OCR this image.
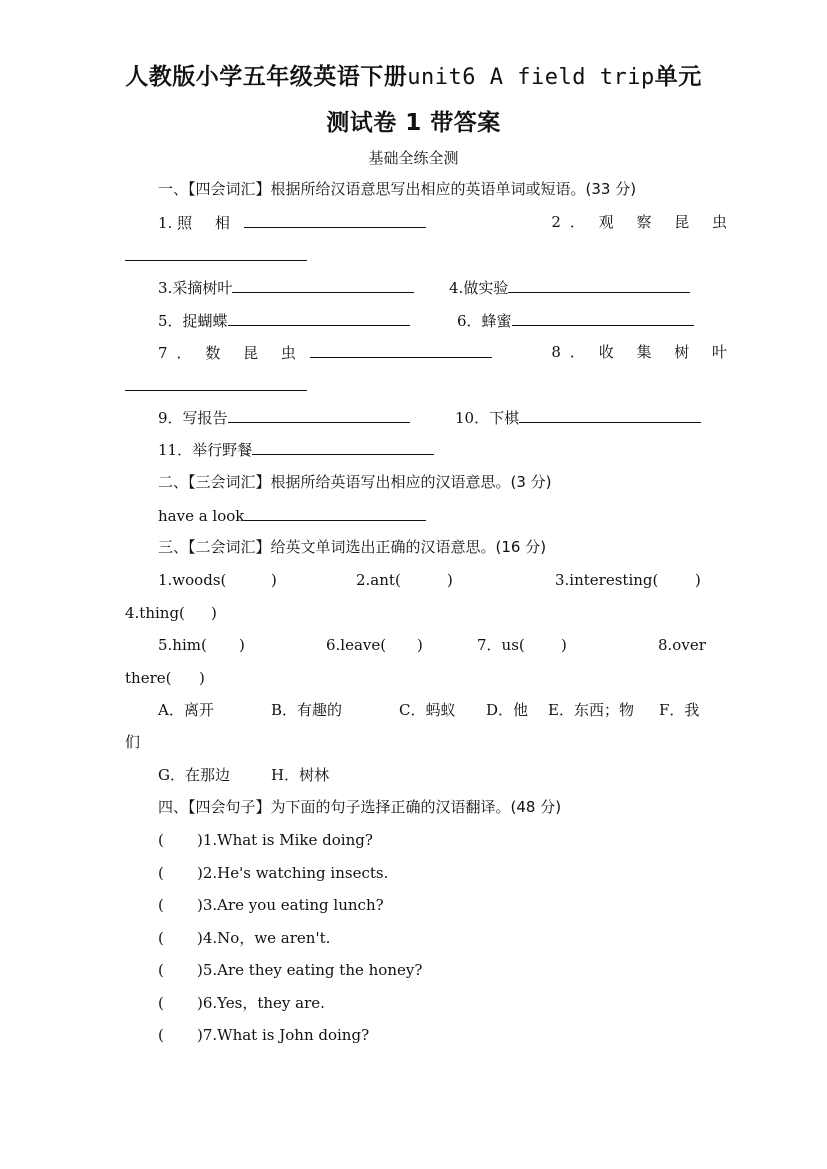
人教版小学五年级英语下册unit6 A field trip单元
测试卷 1 带答案
基础全练全测
一、【四会词汇】根据所给汉语意思写出相应的英语单词或短语。(33 分)
1. 照 相	2． 观 察 昆 虫
3.采摘树叶	4.做实验
5．捉蝴蝶	6．蜂蜜
7． 数 昆 虫	8． 收 集 树 叶
9．写报告	10．下棋
11．举行野餐
二、【三会词汇】根据所给英语写出相应的汉语意思。(3 分)
have a look
三、【二会词汇】给英文单词选出正确的汉语意思。(16 分)
1.woods(	)	2.ant(	)	3.interesting( )
4.thing( )
5.him( )	6.leave( )	7．us( )	8.over
there( )
A．离开	B．有趣的	C．蚂蚁 D．他 E．东西；物 F．我
们
G．在那边	H．树林
四、【四会句子】为下面的句子选择正确的汉语翻译。(48 分)
( )1.What is Mike doing?
( )2.He's watching insects.
( )3.Are you eating lunch?
( )4.No，we aren't.
( )5.Are they eating the honey?
( )6.Yes，they are.
( )7.What is John doing?
